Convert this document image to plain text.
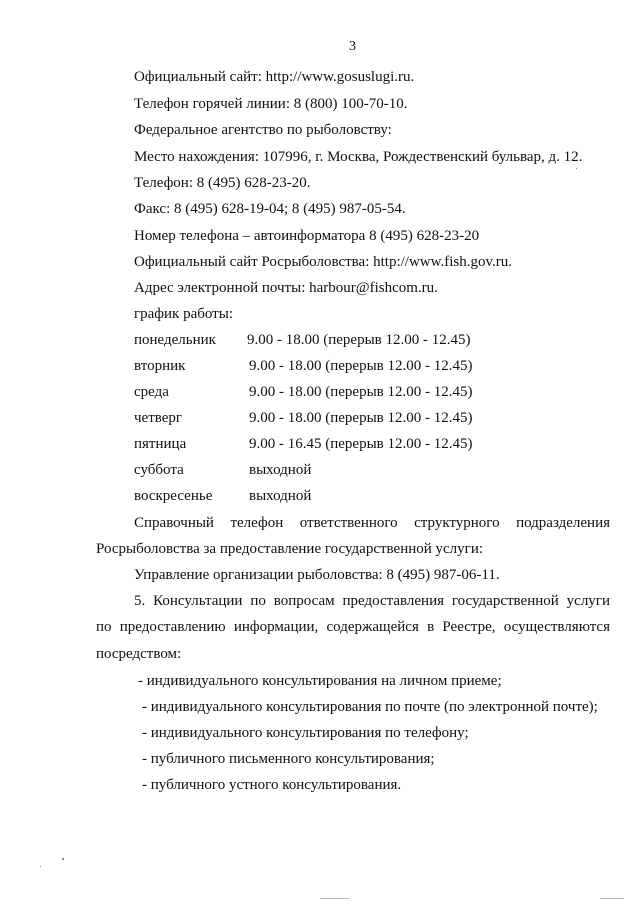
3
Официальный сайт: http://www.gosuslugi.ru.
Телефон горячей линии: 8 (800) 100-70-10.
Федеральное агентство по рыболовству:
Место нахождения: 107996, г. Москва, Рождественский бульвар, д. 12.
Телефон: 8 (495) 628-23-20.
Факс: 8 (495) 628-19-04; 8 (495) 987-05-54.
Номер телефона – автоинформатора 8 (495) 628-23-20
Официальный сайт Росрыболовства: http://www.fish.gov.ru.
Адрес электронной почты: harbour@fishcom.ru.
график работы:
понедельник 9.00 - 18.00 (перерыв 12.00 - 12.45)
вторник	9.00 - 18.00 (перерыв 12.00 - 12.45)
среда	9.00 - 18.00 (перерыв 12.00 - 12.45)
четверг	9.00 - 18.00 (перерыв 12.00 - 12.45)
пятница	9.00 - 16.45 (перерыв 12.00 - 12.45)
суббота	выходной
воскресенье выходной
Справочный телефон ответственного структурного подразделения
Росрыболовства за предоставление государственной услуги:
Управление организации рыболовства: 8 (495) 987-06-11.
5. Консультации по вопросам предоставления государственной услуги
по предоставлению информации, содержащейся в Реестре, осуществляются
посредством:
- индивидуального консультирования на личном приеме;
- индивидуального консультирования по почте (по электронной почте);
- индивидуального консультирования по телефону;
- публичного письменного консультирования;
- публичного устного консультирования.
